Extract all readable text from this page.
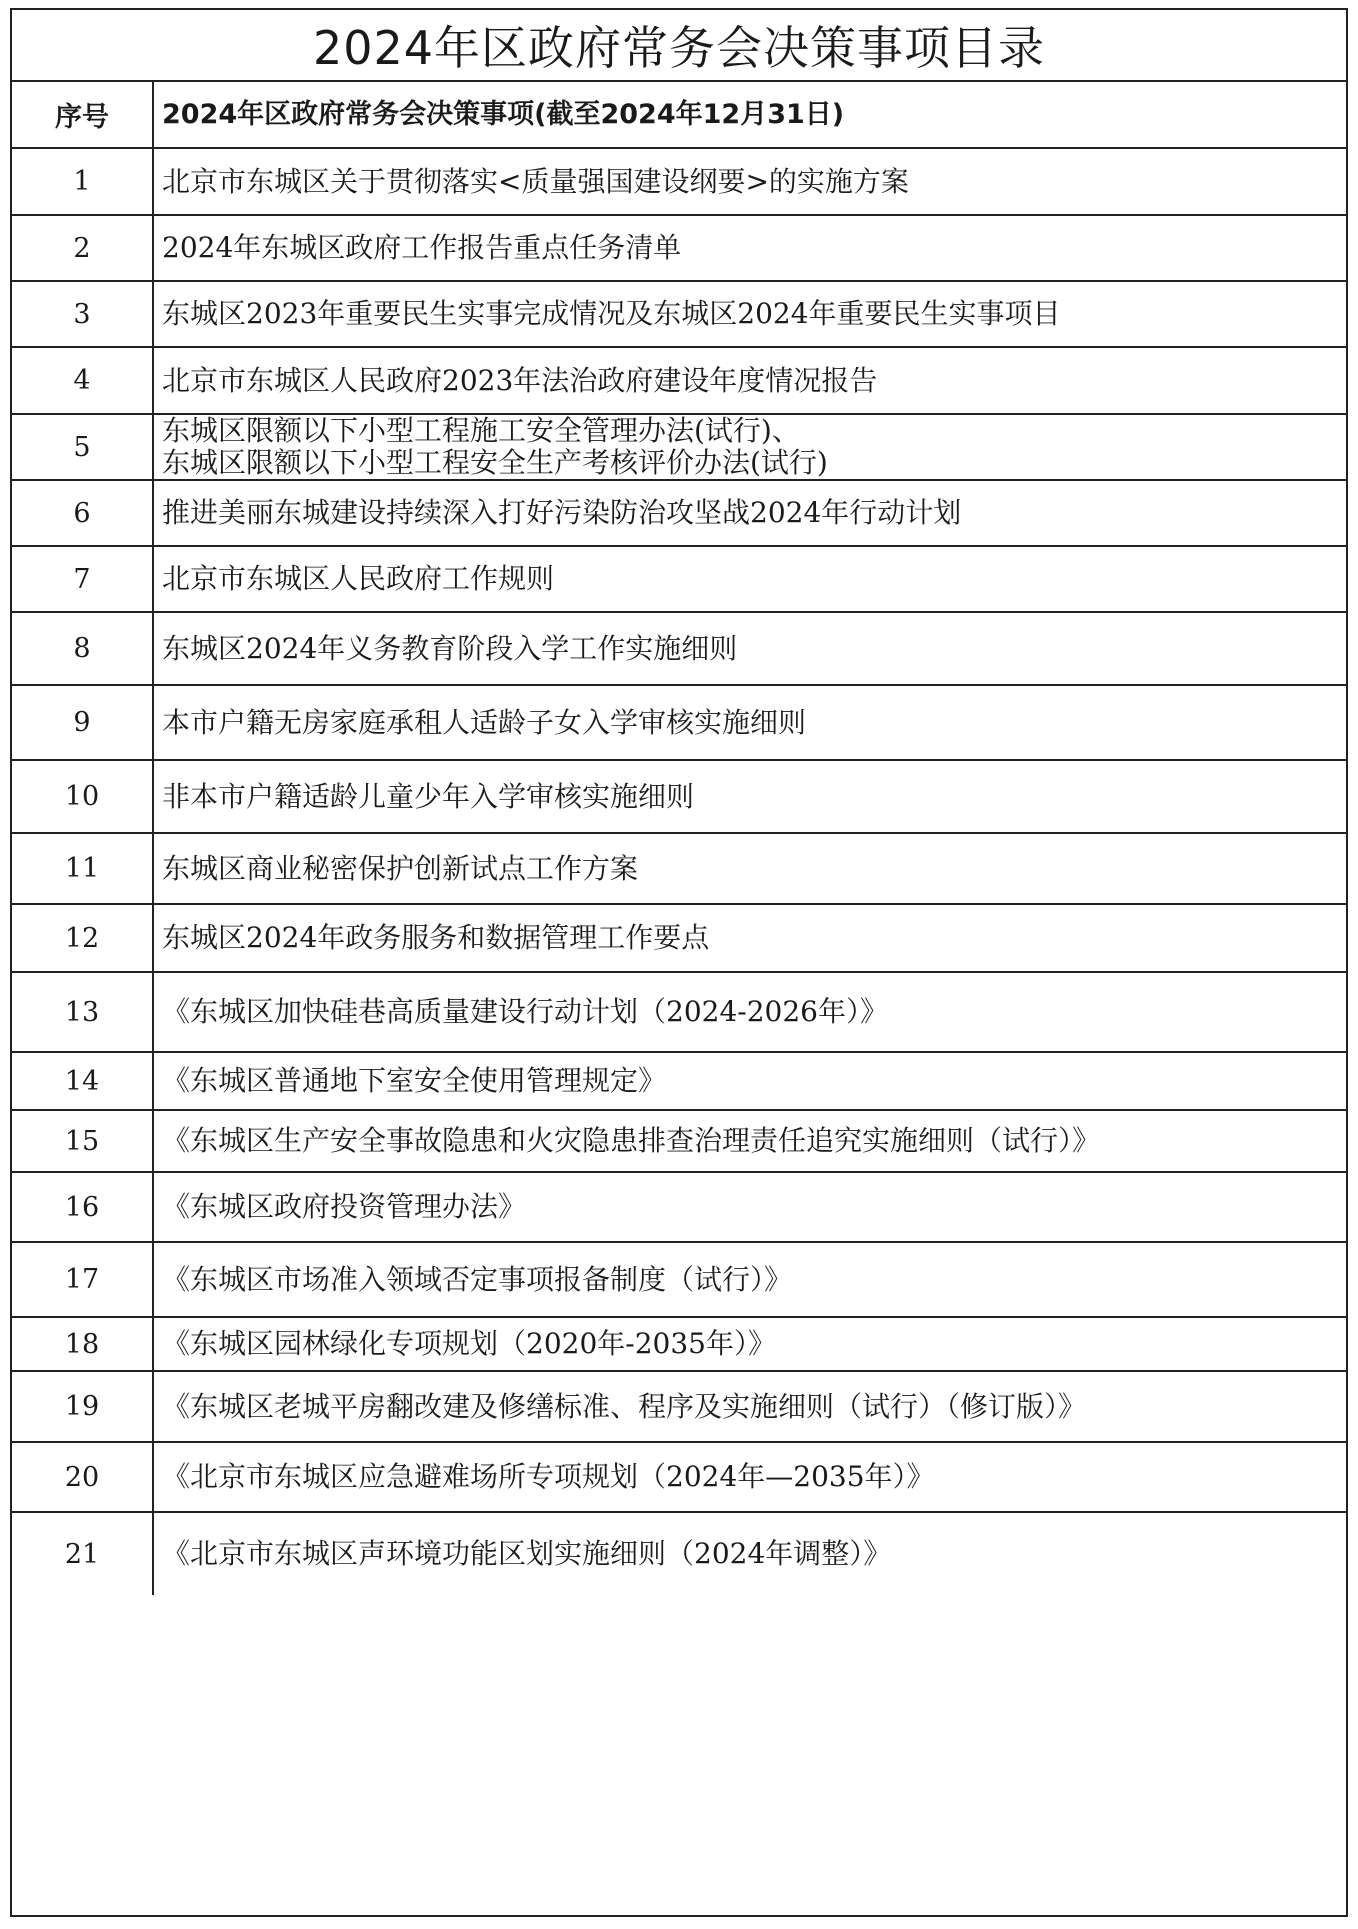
2024年区政府常务会决策事项目录
序号	2024年区政府常务会决策事项(截至2024年12月31日)
1	北京市东城区关于贯彻落实<质量强国建设纲要>的实施方案
2	2024年东城区政府工作报告重点任务清单
3	东城区2023年重要民生实事完成情况及东城区2024年重要民生实事项目
4	北京市东城区人民政府2023年法治政府建设年度情况报告
5	东城区限额以下小型工程施工安全管理办法(试行)、
东城区限额以下小型工程安全生产考核评价办法(试行)
6	推进美丽东城建设持续深入打好污染防治攻坚战2024年行动计划
7	北京市东城区人民政府工作规则
8	东城区2024年义务教育阶段入学工作实施细则
9	本市户籍无房家庭承租人适龄子女入学审核实施细则
10	非本市户籍适龄儿童少年入学审核实施细则
11	东城区商业秘密保护创新试点工作方案
12	东城区2024年政务服务和数据管理工作要点
13	《东城区加快硅巷高质量建设行动计划（2024-2026年）》
14	《东城区普通地下室安全使用管理规定》
15	《东城区生产安全事故隐患和火灾隐患排查治理责任追究实施细则（试行）》
16	《东城区政府投资管理办法》
17	《东城区市场准入领域否定事项报备制度（试行）》
18	《东城区园林绿化专项规划（2020年-2035年）》
19	《东城区老城平房翻改建及修缮标准、程序及实施细则（试行）（修订版）》
20	《北京市东城区应急避难场所专项规划（2024年—2035年）》
21	《北京市东城区声环境功能区划实施细则（2024年调整）》
